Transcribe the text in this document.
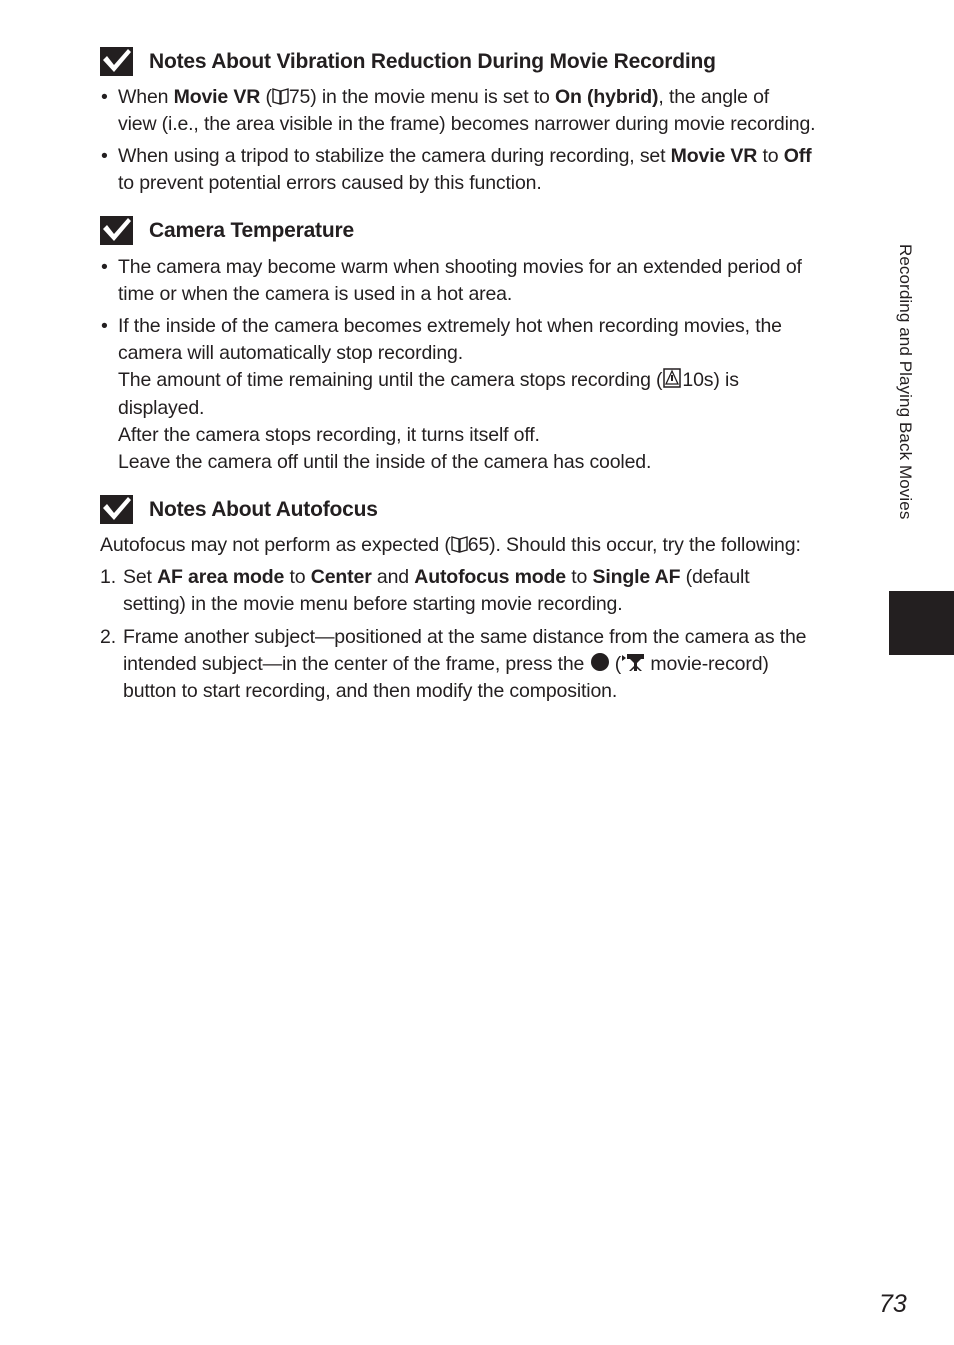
Notes About Vibration Reduction During Movie Recording
• When Movie VR ( 75) in the movie menu is set to On (hybrid), the angle of
view (i.e., the area visible in the frame) becomes narrower during movie recording.
• When using a tripod to stabilize the camera during recording, set Movie VR to Off
to prevent potential errors caused by this function.
Camera Temperature
• The camera may become warm when shooting movies for an extended period of
time or when the camera is used in a hot area.
• If the inside of the camera becomes extremely hot when recording movies, the
camera will automatically stop recording.
The amount of time remaining until the camera stops recording ( 10s) is
displayed.
After the camera stops recording, it turns itself off.
Leave the camera off until the inside of the camera has cooled.
Notes About Autofocus
Autofocus may not perform as expected ( 65). Should this occur, try the following:
1. Set AF area mode to Center and Autofocus mode to Single AF (default
setting) in the movie menu before starting movie recording.
2. Frame another subject—positioned at the same distance from the camera as the
intended subject—in the center of the frame, press the
(
movie-record)
button to start recording, and then modify the composition.
Recording and Playing Back Movies
73
